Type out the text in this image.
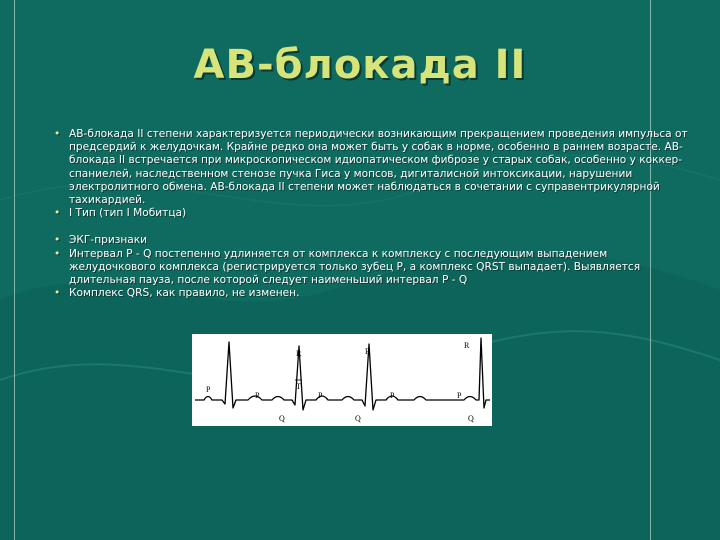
АВ-блокада II
• АВ-блокада II степени характеризуется периодически возникающим прекращением проведения импульса от предсердий к желудочкам. Крайне редко она может быть у собак в норме, особенно в раннем возрасте. АВ-блокада II встречается при микроскопическом идиопатическом фиброзе у старых собак, особенно у коккер-спаниелей, наследственном стенозе пучка Гиса у мопсов, дигиталисной интоксикации, нарушении электролитного обмена. АВ-блокада II степени может наблюдаться в сочетании с суправентрикулярной тахикардией.
• I Тип (тип I Мобитца)
• ЭКГ-признаки
• Интервал Р - Q постепенно удлиняется от комплекса к комплексу с последующим выпадением желудочкового комплекса (регистрируется только зубец Р, а комплекс QRST выпадает). Выявляется длительная пауза, после которой следует наименьший интервал P - Q
• Комплекс QRS, как правило, не изменен.
P
R
P
Q
T
P
R
Q
P	P
R
Q
